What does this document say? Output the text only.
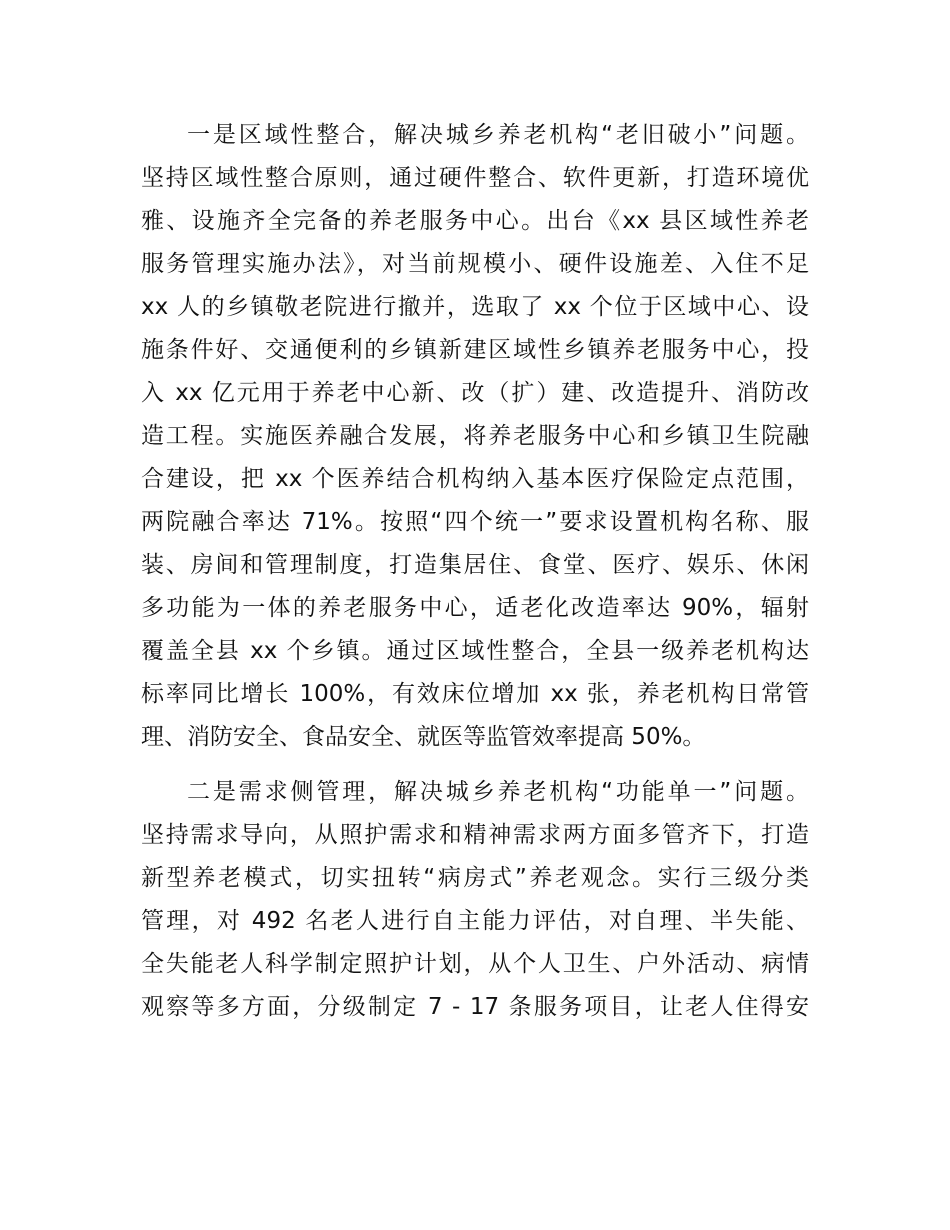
一是区域性整合，解决城乡养老机构“老旧破小”问题。
坚持区域性整合原则，通过硬件整合、软件更新，打造环境优
雅、设施齐全完备的养老服务中心。出台《xx 县区域性养老
服务管理实施办法》，对当前规模小、硬件设施差、入住不足
xx 人的乡镇敬老院进行撤并，选取了 xx 个位于区域中心、设
施条件好、交通便利的乡镇新建区域性乡镇养老服务中心，投
入 xx 亿元用于养老中心新、改（扩）建、改造提升、消防改
造工程。实施医养融合发展，将养老服务中心和乡镇卫生院融
合建设，把 xx 个医养结合机构纳入基本医疗保险定点范围，
两院融合率达 71%。按照“四个统一”要求设置机构名称、服
装、房间和管理制度，打造集居住、食堂、医疗、娱乐、休闲
多功能为一体的养老服务中心，适老化改造率达 90%，辐射
覆盖全县 xx 个乡镇。通过区域性整合，全县一级养老机构达
标率同比增长 100%，有效床位增加 xx 张，养老机构日常管
理、消防安全、食品安全、就医等监管效率提高 50%。
二是需求侧管理，解决城乡养老机构“功能单一”问题。
坚持需求导向，从照护需求和精神需求两方面多管齐下，打造
新型养老模式，切实扭转“病房式”养老观念。实行三级分类
管理，对 492 名老人进行自主能力评估，对自理、半失能、
全失能老人科学制定照护计划，从个人卫生、户外活动、病情
观察等多方面，分级制定 7 - 17 条服务项目，让老人住得安
